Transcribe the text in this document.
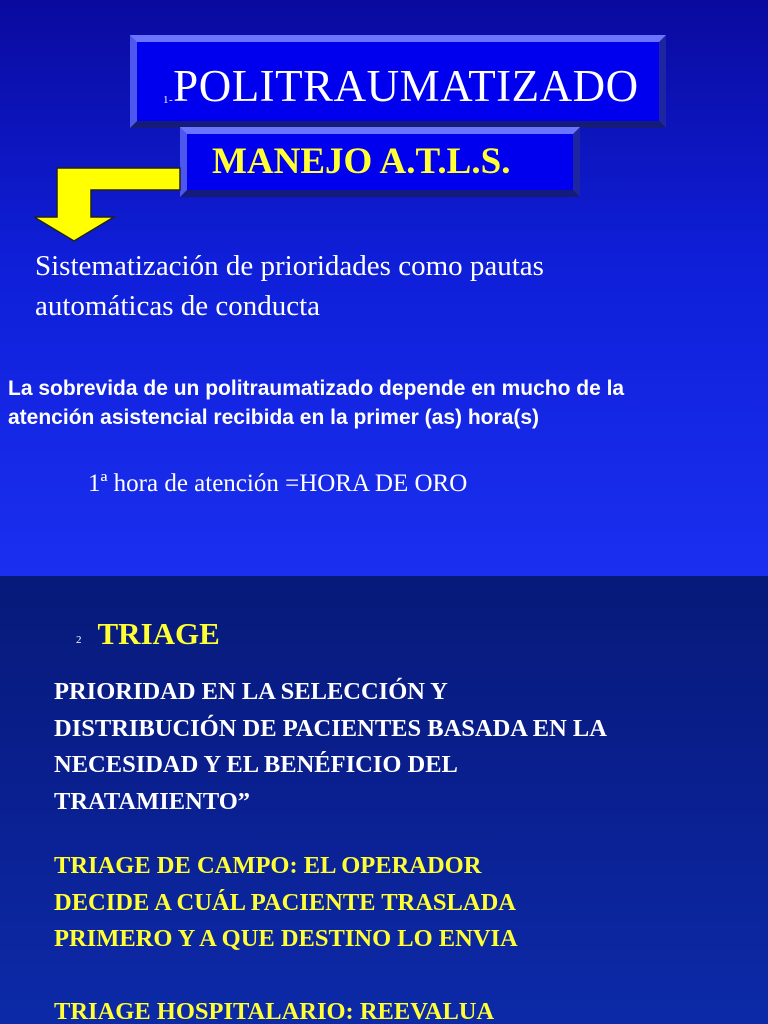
1-POLITRAUMATIZADO
MANEJO A.T.L.S.
Sistematización de prioridades como pautas
automáticas de conducta
La sobrevida de un politraumatizado depende en mucho de la
atención asistencial recibida en la primer (as) hora(s)
1ª hora de atención =HORA DE ORO
2 TRIAGE
PRIORIDAD EN LA SELECCIÓN Y
DISTRIBUCIÓN DE PACIENTES BASADA EN LA
NECESIDAD Y EL BENÉFICIO DEL
TRATAMIENTO”
TRIAGE DE CAMPO: EL OPERADOR
DECIDE A CUÁL PACIENTE TRASLADA
PRIMERO Y A QUE DESTINO LO ENVIA
TRIAGE HOSPITALARIO: REEVALUA
